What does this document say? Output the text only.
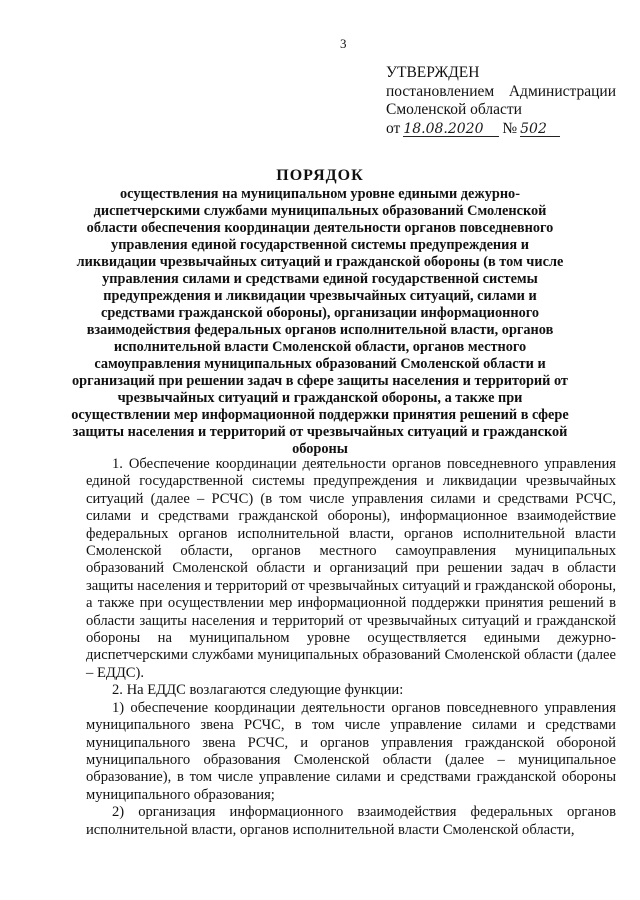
3
УТВЕРЖДЕН
постановлением Администрации
Смоленской области
от 18.08.2020	№ 502
ПОРЯДОК
осуществления на муниципальном уровне едиными дежурно-диспетчерскими службами муниципальных образований Смоленской области обеспечения координации деятельности органов повседневного управления единой государственной системы предупреждения и ликвидации чрезвычайных ситуаций и гражданской обороны (в том числе управления силами и средствами единой государственной системы предупреждения и ликвидации чрезвычайных ситуаций, силами и средствами гражданской обороны), организации информационного взаимодействия федеральных органов исполнительной власти, органов исполнительной власти Смоленской области, органов местного самоуправления муниципальных образований Смоленской области и организаций при решении задач в сфере защиты населения и территорий от чрезвычайных ситуаций и гражданской обороны, а также при осуществлении мер информационной поддержки принятия решений в сфере защиты населения и территорий от чрезвычайных ситуаций и гражданской обороны

1. Обеспечение координации деятельности органов повседневного управления единой государственной системы предупреждения и ликвидации чрезвычайных ситуаций (далее – РСЧС) (в том числе управления силами и средствами РСЧС, силами и средствами гражданской обороны), информационное взаимодействие федеральных органов исполнительной власти, органов исполнительной власти Смоленской области, органов местного самоуправления муниципальных образований Смоленской области и организаций при решении задач в области защиты населения и территорий от чрезвычайных ситуаций и гражданской обороны, а также при осуществлении мер информационной поддержки принятия решений в области защиты населения и территорий от чрезвычайных ситуаций и гражданской обороны на муниципальном уровне осуществляется едиными дежурно-диспетчерскими службами муниципальных образований Смоленской области (далее – ЕДДС).

2. На ЕДДС возлагаются следующие функции:

1) обеспечение координации деятельности органов повседневного управления муниципального звена РСЧС, в том числе управление силами и средствами муниципального звена РСЧС, и органов управления гражданской обороной муниципального образования Смоленской области (далее – муниципальное образование), в том числе управление силами и средствами гражданской обороны муниципального образования;

2) организация информационного взаимодействия федеральных органов исполнительной власти, органов исполнительной власти Смоленской области,
